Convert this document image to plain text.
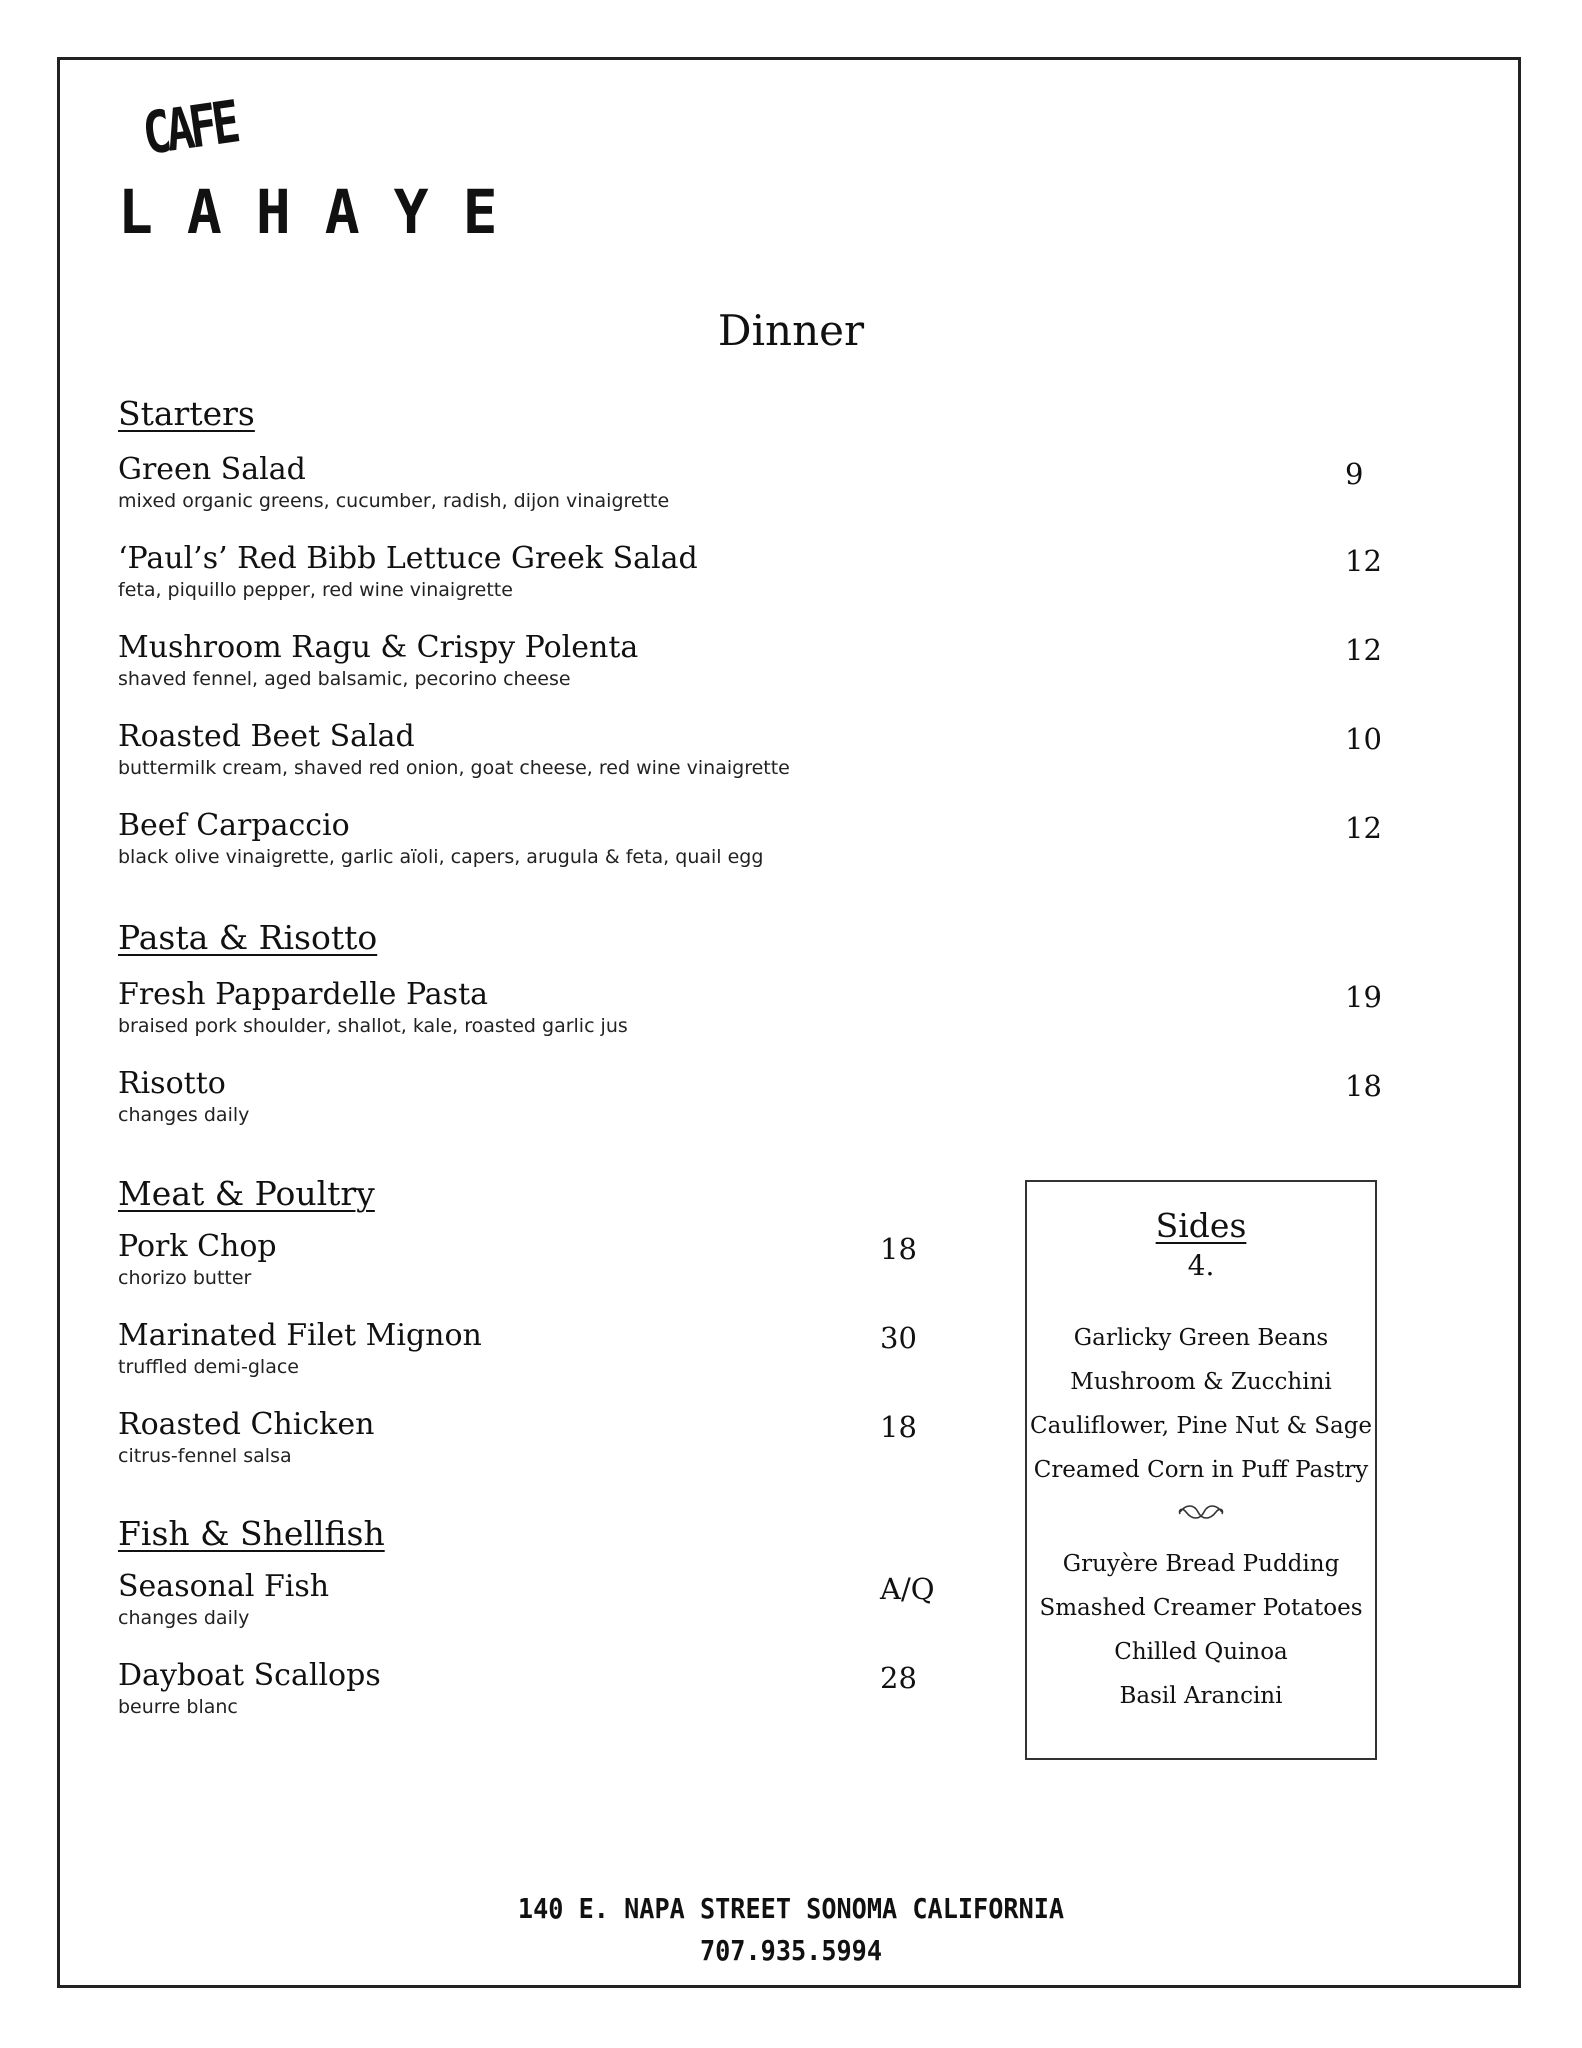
CAFE
LAHAYE
Dinner
Starters
Green Salad
mixed organic greens, cucumber, radish, dijon vinaigrette
9
‘Paul’s’ Red Bibb Lettuce Greek Salad
feta, piquillo pepper, red wine vinaigrette
12
Mushroom Ragu & Crispy Polenta
shaved fennel, aged balsamic, pecorino cheese
12
Roasted Beet Salad
buttermilk cream, shaved red onion, goat cheese, red wine vinaigrette
10
Beef Carpaccio
black olive vinaigrette, garlic aïoli, capers, arugula & feta, quail egg
12
Pasta & Risotto
Fresh Pappardelle Pasta
braised pork shoulder, shallot, kale, roasted garlic jus
19
Risotto
changes daily
18
Meat & Poultry
Pork Chop
chorizo butter
18
Marinated Filet Mignon
truffled demi-glace
30
Roasted Chicken
citrus-fennel salsa
18
Fish & Shellfish
Seasonal Fish
changes daily
A/Q
Dayboat Scallops
beurre blanc
28
Sides
4.
Garlicky Green Beans
Mushroom & Zucchini
Cauliflower, Pine Nut & Sage
Creamed Corn in Puff Pastry
Gruyère Bread Pudding
Smashed Creamer Potatoes
Chilled Quinoa
Basil Arancini
140 E. NAPA STREET SONOMA CALIFORNIA
707.935.5994
